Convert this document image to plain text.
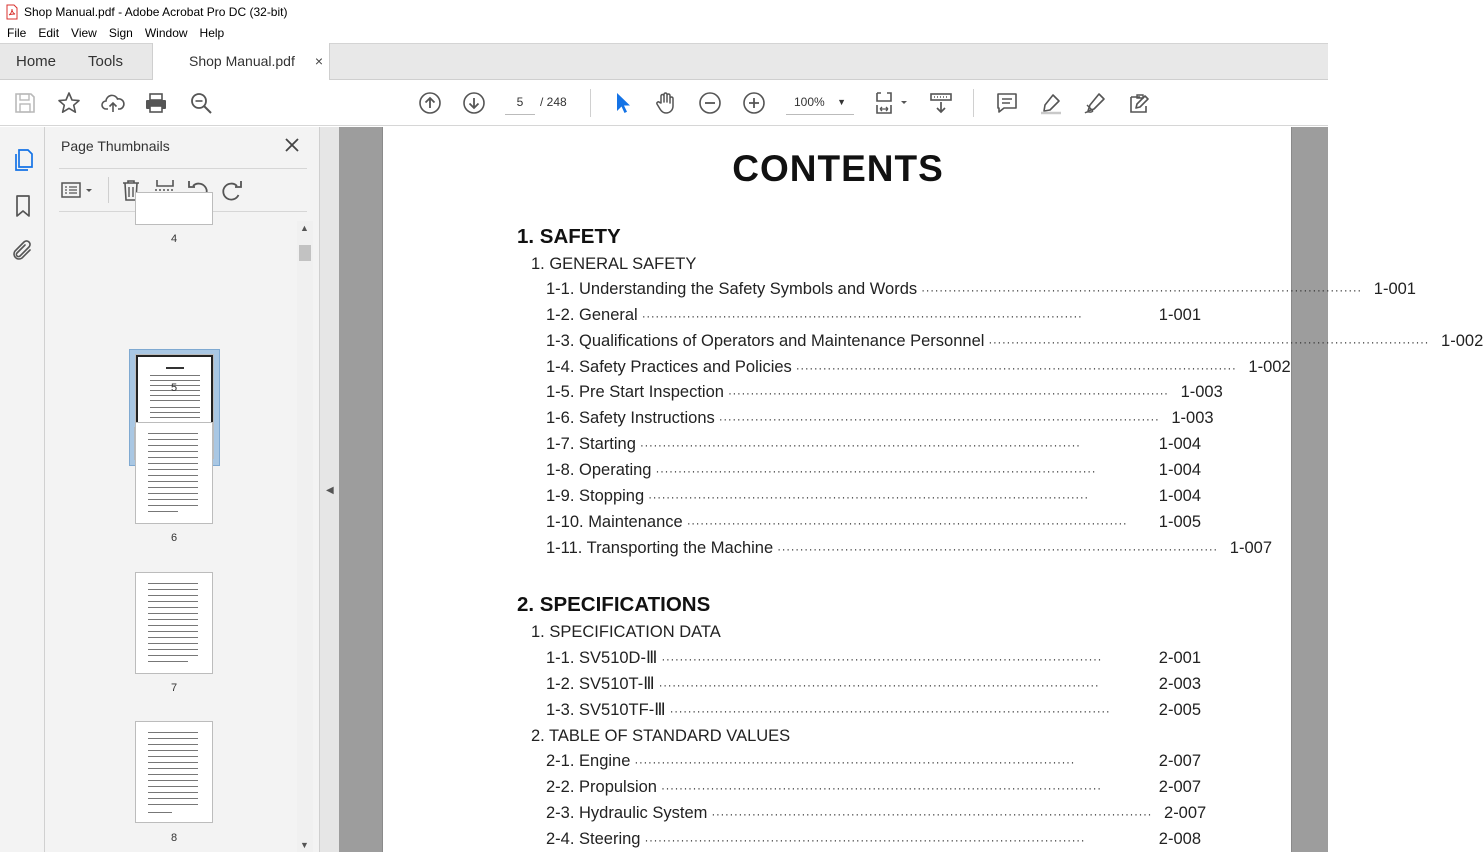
Shop Manual.pdf - Adobe Acrobat Pro DC (32-bit)
File	Edit	View	Sign	Window	Help
Home Tools	Shop Manual.pdf ×
5	/ 248	100% ▼
Page Thumbnails
4
5
6
7
8
▲
▼
◀
CONTENTS
1. SAFETY
1. GENERAL SAFETY
1-1. Understanding the Safety Symbols and Words ·································································································· 1-001
1-2. General ··································································································	1-001
1-3. Qualifications of Operators and Maintenance Personnel ·································································································· 1-002
1-4. Safety Practices and Policies ·································································································· 1-002
1-5. Pre Start Inspection ·································································································· 1-003
1-6. Safety Instructions ·································································································· 1-003
1-7. Starting ··································································································	1-004
1-8. Operating ··································································································	1-004
1-9. Stopping ··································································································	1-004
1-10. Maintenance ··································································································	1-005
1-11. Transporting the Machine ·································································································· 1-007
2. SPECIFICATIONS
1. SPECIFICATION DATA
1-1. SV510D-Ⅲ ··································································································	2-001
1-2. SV510T-Ⅲ ··································································································	2-003
1-3. SV510TF-Ⅲ ··································································································	2-005
2. TABLE OF STANDARD VALUES
2-1. Engine ··································································································	2-007
2-2. Propulsion ··································································································	2-007
2-3. Hydraulic System ·································································································· 2-007
2-4. Steering ··································································································	2-008
